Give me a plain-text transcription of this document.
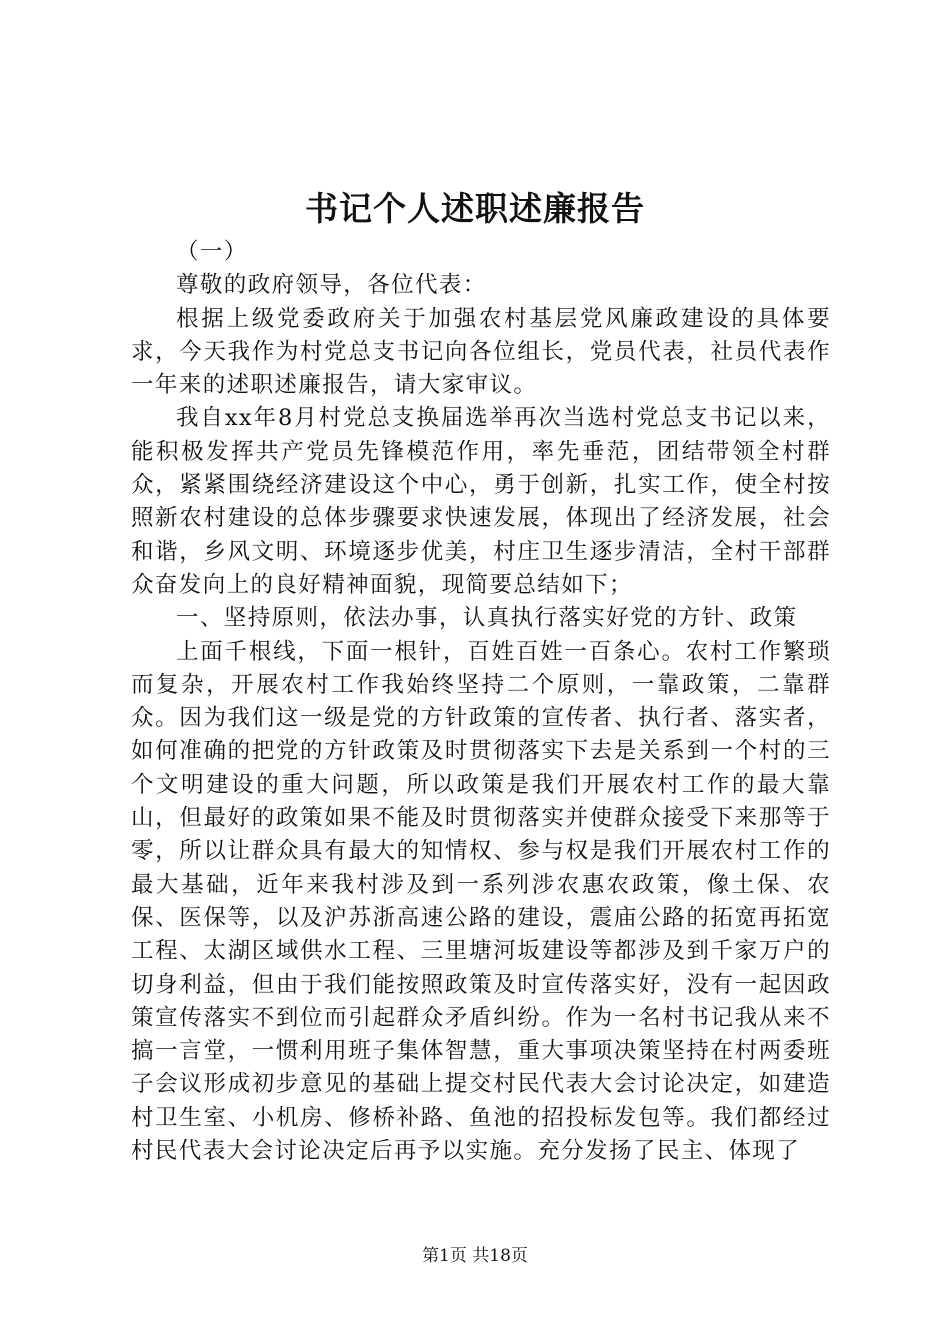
书记个人述职述廉报告

（一）

尊敬的政府领导，各位代表：

根据上级党委政府关于加强农村基层党风廉政建设的具体要求，今天我作为村党总支书记向各位组长，党员代表，社员代表作一年来的述职述廉报告，请大家审议。

我自xx年8月村党总支换届选举再次当选村党总支书记以来，能积极发挥共产党员先锋模范作用，率先垂范，团结带领全村群众，紧紧围绕经济建设这个中心，勇于创新，扎实工作，使全村按照新农村建设的总体步骤要求快速发展，体现出了经济发展，社会和谐，乡风文明、环境逐步优美，村庄卫生逐步清洁，全村干部群众奋发向上的良好精神面貌，现简要总结如下；

一、坚持原则，依法办事，认真执行落实好党的方针、政策

上面千根线，下面一根针，百姓百姓一百条心。农村工作繁琐而复杂，开展农村工作我始终坚持二个原则，一靠政策，二靠群众。因为我们这一级是党的方针政策的宣传者、执行者、落实者，如何准确的把党的方针政策及时贯彻落实下去是关系到一个村的三个文明建设的重大问题，所以政策是我们开展农村工作的最大靠山，但最好的政策如果不能及时贯彻落实并使群众接受下来那等于零，所以让群众具有最大的知情权、参与权是我们开展农村工作的最大基础，近年来我村涉及到一系列涉农惠农政策，像土保、农保、医保等，以及沪苏浙高速公路的建设，震庙公路的拓宽再拓宽工程、太湖区域供水工程、三里塘河坂建设等都涉及到千家万户的切身利益，但由于我们能按照政策及时宣传落实好，没有一起因政策宣传落实不到位而引起群众矛盾纠纷。作为一名村书记我从来不搞一言堂，一惯利用班子集体智慧，重大事项决策坚持在村两委班子会议形成初步意见的基础上提交村民代表大会讨论决定，如建造村卫生室、小机房、修桥补路、鱼池的招投标发包等。我们都经过村民代表大会讨论决定后再予以实施。充分发扬了民主、体现了

第1页 共18页
